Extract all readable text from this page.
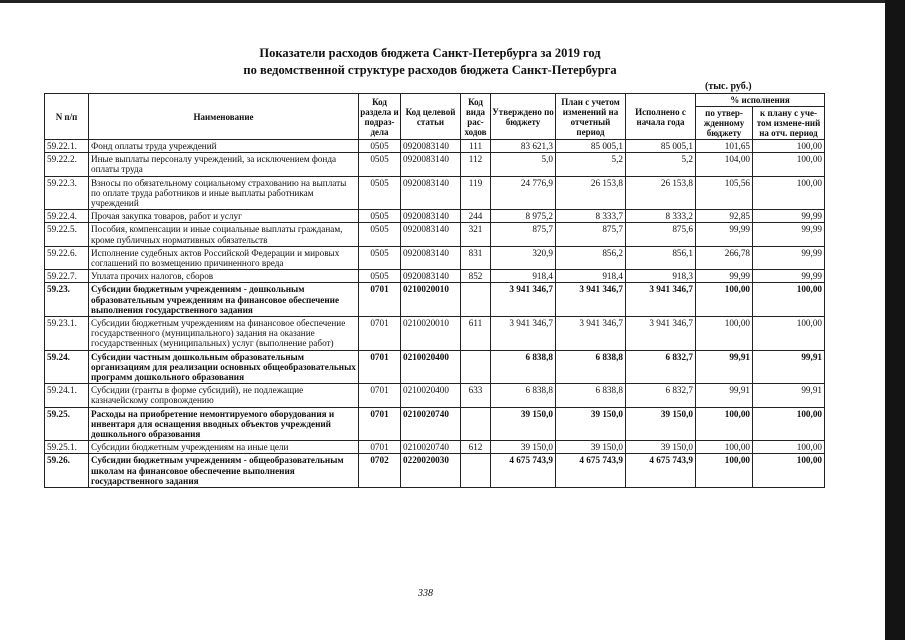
Показатели расходов бюджета Санкт-Петербурга за 2019 год
по ведомственной структуре расходов бюджета Санкт-Петербурга
(тыс. руб.)
N п/п	Наименование	Код раздела и подраз-дела	Код целевой статьи	Код вида рас-ходов	Утверждено по бюджету	План с учетом изменений на отчетный период	Исполнено с начала года	% исполнения	
								по утвер-жденному бюджету	к плану с уче-том измене-ний на отч. период
59.22.1.	Фонд оплаты труда учреждений	0505	0920083140	111	83 621,3	85 005,1	85 005,1	101,65	100,00
59.22.2.	Иные выплаты персоналу учреждений, за исключением фонда оплаты труда	0505	0920083140	112	5,0	5,2	5,2	104,00	100,00
59.22.3.	Взносы по обязательному социальному страхованию на выплаты по оплате труда работников и иные выплаты работникам учреждений	0505	0920083140	119	24 776,9	26 153,8	26 153,8	105,56	100,00
59.22.4.	Прочая закупка товаров, работ и услуг	0505	0920083140	244	8 975,2	8 333,7	8 333,2	92,85	99,99
59.22.5.	Пособия, компенсации и иные социальные выплаты гражданам, кроме публичных нормативных обязательств	0505	0920083140	321	875,7	875,7	875,6	99,99	99,99
59.22.6.	Исполнение судебных актов Российской Федерации и мировых соглашений по возмещению причиненного вреда	0505	0920083140	831	320,9	856,2	856,1	266,78	99,99
59.22.7.	Уплата прочих налогов, сборов	0505	0920083140	852	918,4	918,4	918,3	99,99	99,99
59.23.	Субсидии бюджетным учреждениям - дошкольным образовательным учреждениям на финансовое обеспечение выполнения государственного задания	0701	0210020010		3 941 346,7	3 941 346,7	3 941 346,7	100,00	100,00
59.23.1.	Субсидии бюджетным учреждениям на финансовое обеспечение государственного (муниципального) задания на оказание государственных (муниципальных) услуг (выполнение работ)	0701	0210020010	611	3 941 346,7	3 941 346,7	3 941 346,7	100,00	100,00
59.24.	Субсидии частным дошкольным образовательным организациям для реализации основных общеобразовательных программ дошкольного образования	0701	0210020400		6 838,8	6 838,8	6 832,7	99,91	99,91
59.24.1.	Субсидии (гранты в форме субсидий), не подлежащие казначейскому сопровождению	0701	0210020400	633	6 838,8	6 838,8	6 832,7	99,91	99,91
59.25.	Расходы на приобретение немонтируемого оборудования и инвентаря для оснащения вводных объектов учреждений дошкольного образования	0701	0210020740		39 150,0	39 150,0	39 150,0	100,00	100,00
59.25.1.	Субсидии бюджетным учреждениям на иные цели	0701	0210020740	612	39 150,0	39 150,0	39 150,0	100,00	100,00
59.26.	Субсидии бюджетным учреждениям - общеобразовательным школам на финансовое обеспечение выполнения государственного задания	0702	0220020030		4 675 743,9	4 675 743,9	4 675 743,9	100,00	100,00
338
